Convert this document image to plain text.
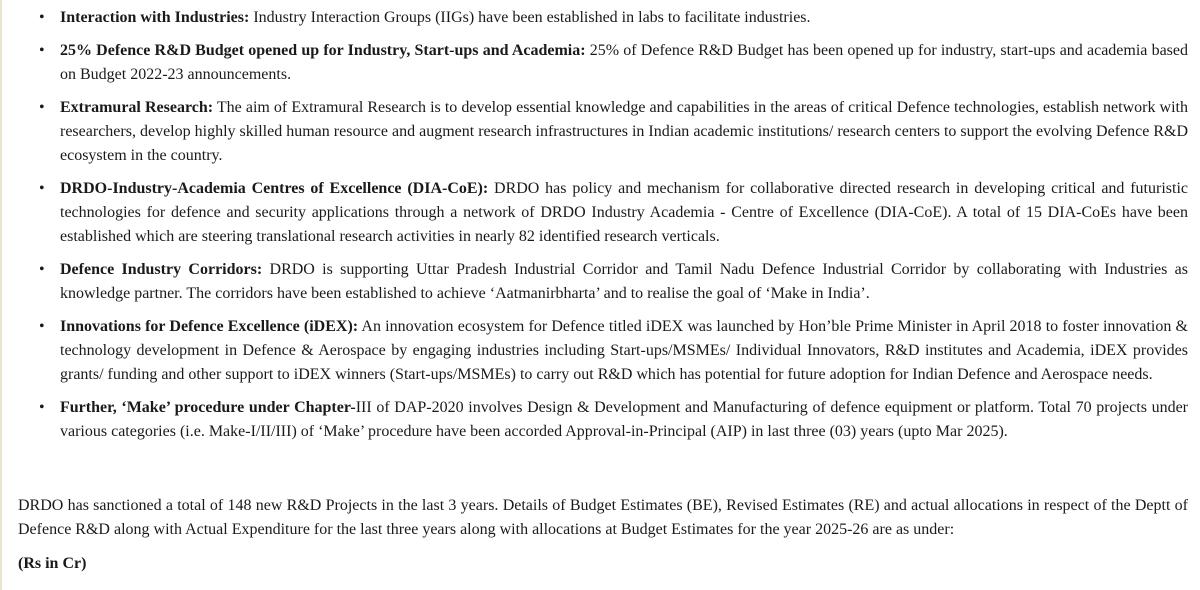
• Interaction with Industries: Industry Interaction Groups (IIGs) have been established in labs to facilitate industries.
• 25% Defence R&D Budget opened up for Industry, Start-ups and Academia: 25% of Defence R&D Budget has been opened up for industry, start-ups and academia based on Budget 2022-23 announcements.
• Extramural Research: The aim of Extramural Research is to develop essential knowledge and capabilities in the areas of critical Defence technologies, establish network with researchers, develop highly skilled human resource and augment research infrastructures in Indian academic institutions/ research centers to support the evolving Defence R&D ecosystem in the country.
• DRDO-Industry-Academia Centres of Excellence (DIA-CoE): DRDO has policy and mechanism for collaborative directed research in developing critical and futuristic technologies for defence and security applications through a network of DRDO Industry Academia - Centre of Excellence (DIA-CoE). A total of 15 DIA-CoEs have been established which are steering translational research activities in nearly 82 identified research verticals.
• Defence Industry Corridors: DRDO is supporting Uttar Pradesh Industrial Corridor and Tamil Nadu Defence Industrial Corridor by collaborating with Industries as knowledge partner. The corridors have been established to achieve ‘Aatmanirbharta’ and to realise the goal of ‘Make in India’.
• Innovations for Defence Excellence (iDEX): An innovation ecosystem for Defence titled iDEX was launched by Hon’ble Prime Minister in April 2018 to foster innovation & technology development in Defence & Aerospace by engaging industries including Start-ups/MSMEs/ Individual Innovators, R&D institutes and Academia, iDEX provides grants/ funding and other support to iDEX winners (Start-ups/MSMEs) to carry out R&D which has potential for future adoption for Indian Defence and Aerospace needs.
• Further, ‘Make’ procedure under Chapter-III of DAP-2020 involves Design & Development and Manufacturing of defence equipment or platform. Total 70 projects under various categories (i.e. Make-I/II/III) of ‘Make’ procedure have been accorded Approval-in-Principal (AIP) in last three (03) years (upto Mar 2025).

DRDO has sanctioned a total of 148 new R&D Projects in the last 3 years. Details of Budget Estimates (BE), Revised Estimates (RE) and actual allocations in respect of the Deptt of Defence R&D along with Actual Expenditure for the last three years along with allocations at Budget Estimates for the year 2025-26 are as under:

(Rs in Cr)
